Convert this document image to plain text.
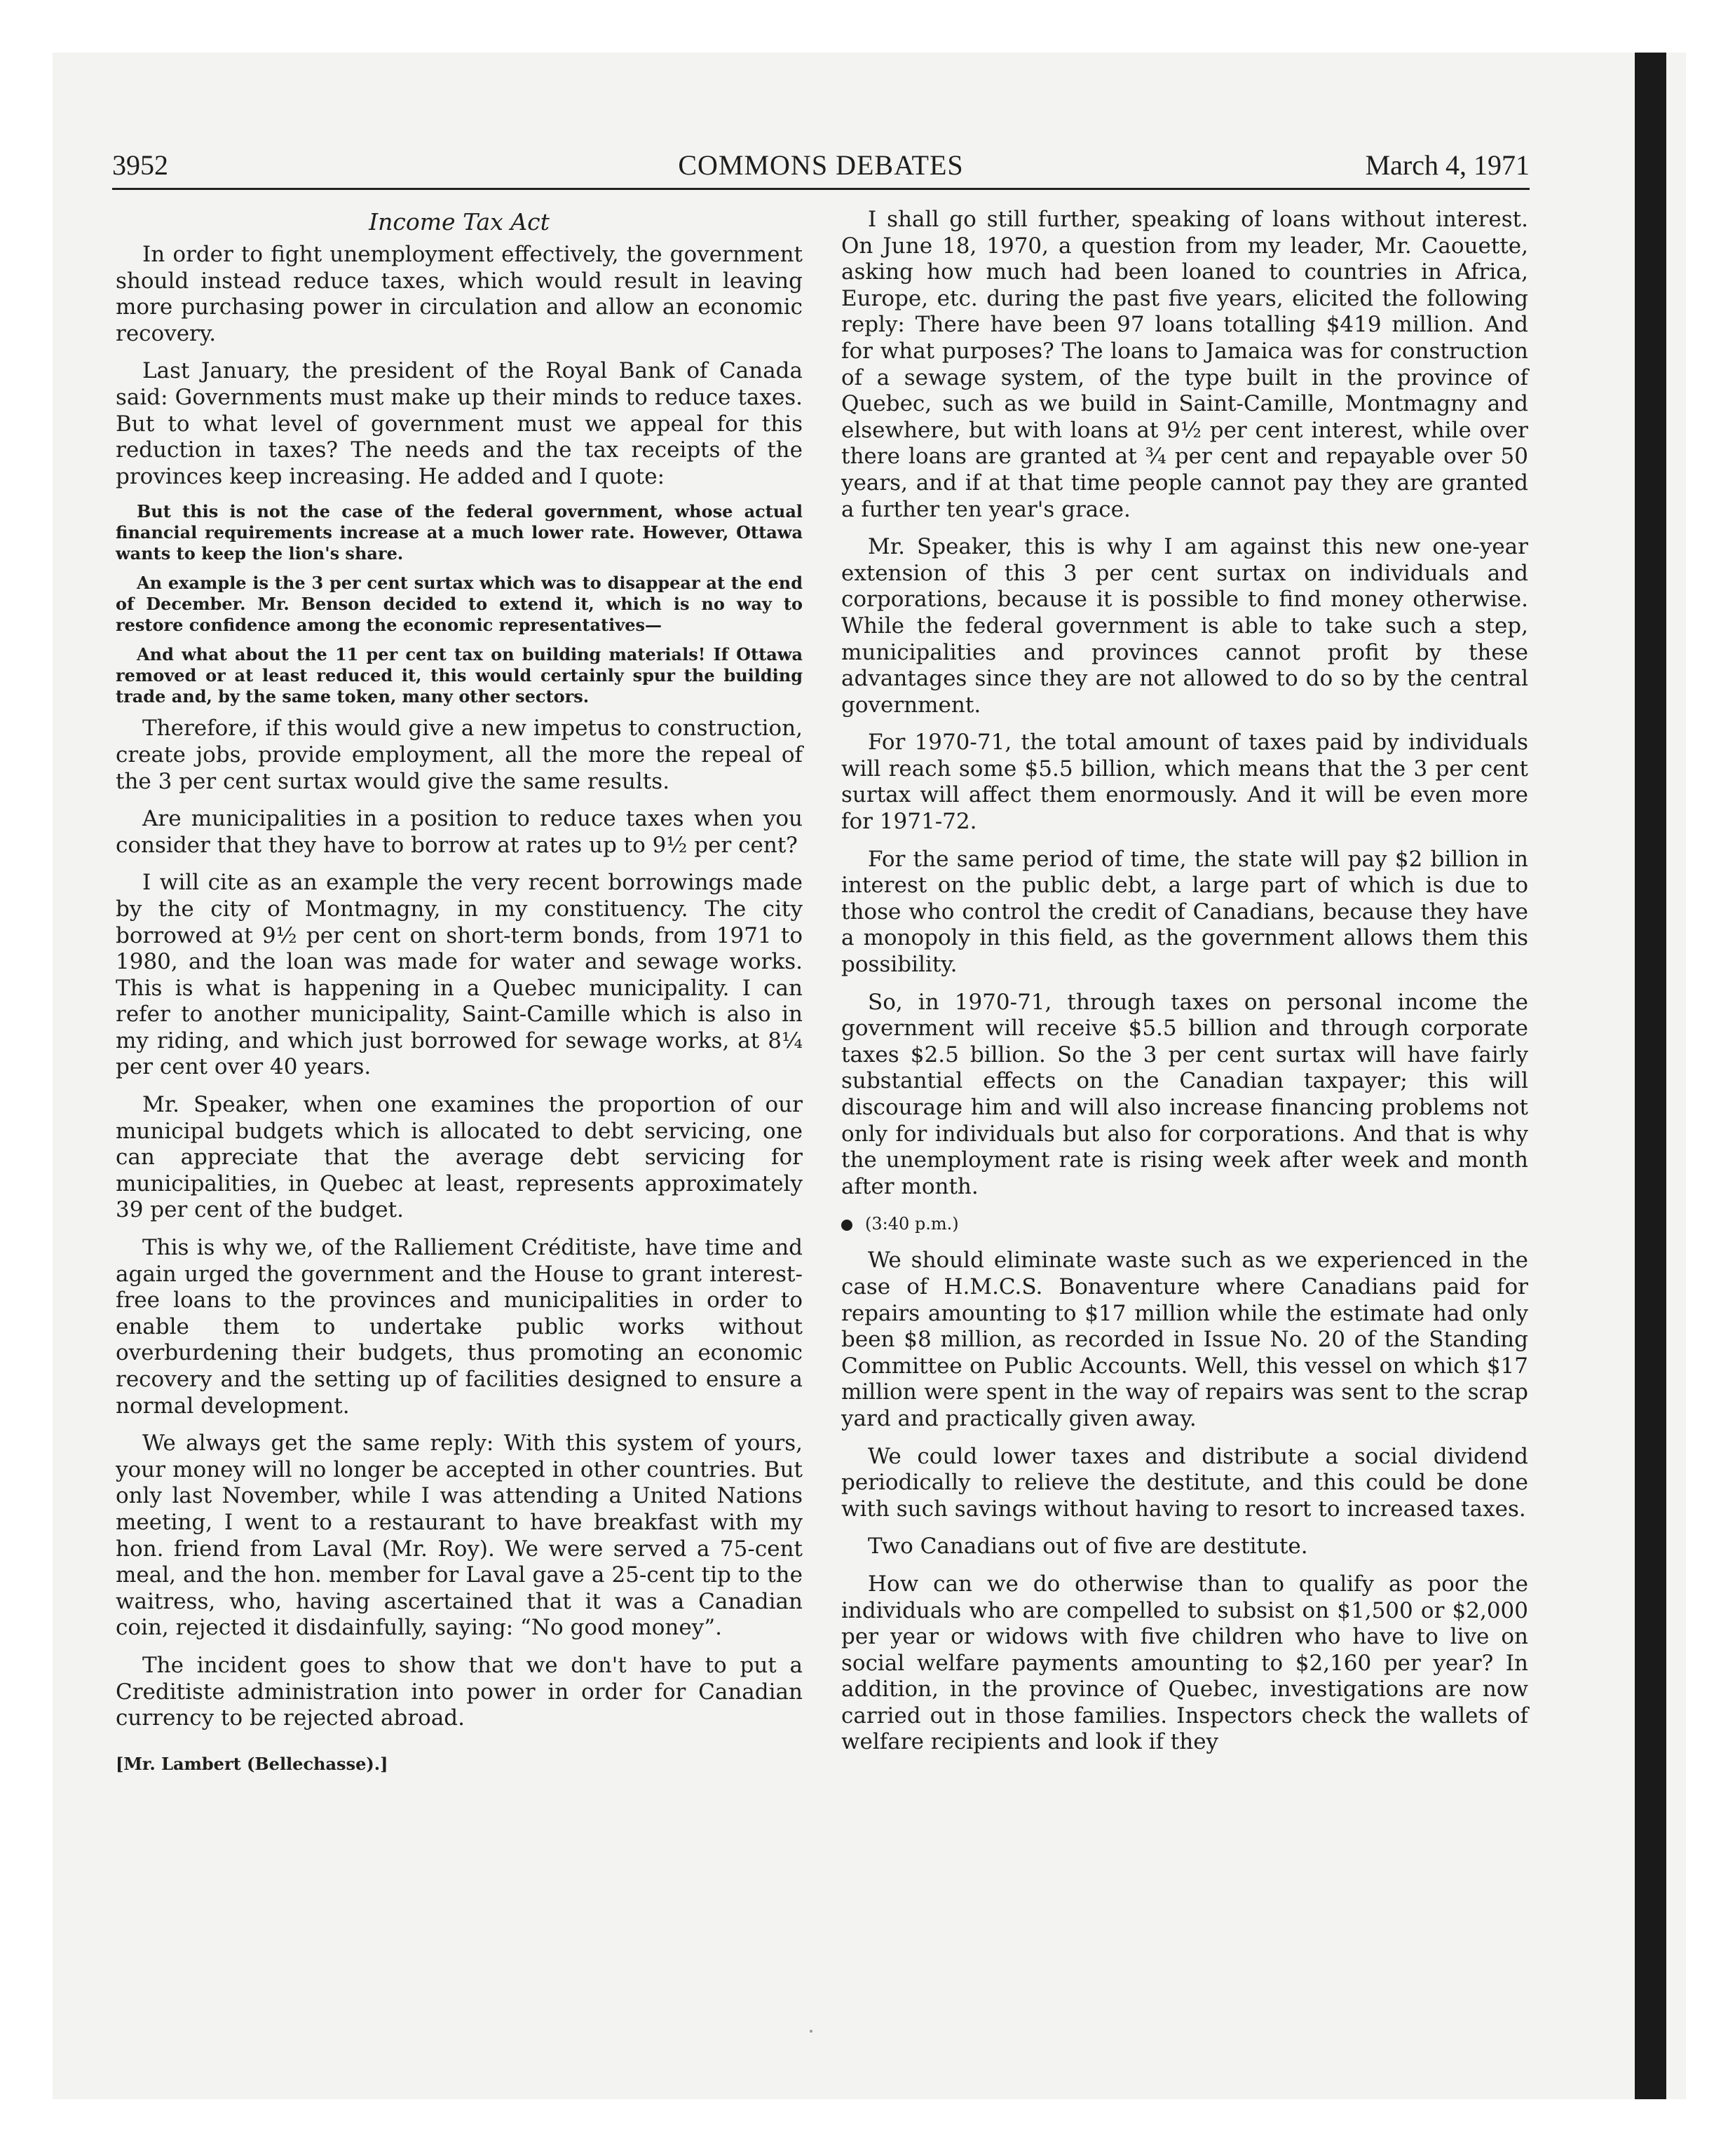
3952	COMMONS DEBATES	March 4, 1971
Income Tax Act

In order to fight unemployment effectively, the government should instead reduce taxes, which would result in leaving more purchasing power in circulation and allow an economic recovery.

Last January, the president of the Royal Bank of Canada said: Governments must make up their minds to reduce taxes. But to what level of government must we appeal for this reduction in taxes? The needs and the tax receipts of the provinces keep increasing. He added and I quote:

But this is not the case of the federal government, whose actual financial requirements increase at a much lower rate. However, Ottawa wants to keep the lion's share.

An example is the 3 per cent surtax which was to disappear at the end of December. Mr. Benson decided to extend it, which is no way to restore confidence among the economic representatives—

And what about the 11 per cent tax on building materials! If Ottawa removed or at least reduced it, this would certainly spur the building trade and, by the same token, many other sectors.

Therefore, if this would give a new impetus to construction, create jobs, provide employment, all the more the repeal of the 3 per cent surtax would give the same results.

Are municipalities in a position to reduce taxes when you consider that they have to borrow at rates up to 9½ per cent?

I will cite as an example the very recent borrowings made by the city of Montmagny, in my constituency. The city borrowed at 9½ per cent on short-term bonds, from 1971 to 1980, and the loan was made for water and sewage works. This is what is happening in a Quebec municipality. I can refer to another municipality, Saint-Camille which is also in my riding, and which just borrowed for sewage works, at 8¼ per cent over 40 years.

Mr. Speaker, when one examines the proportion of our municipal budgets which is allocated to debt servicing, one can appreciate that the average debt servicing for municipalities, in Quebec at least, represents approximately 39 per cent of the budget.

This is why we, of the Ralliement Créditiste, have time and again urged the government and the House to grant interest-free loans to the provinces and municipalities in order to enable them to undertake public works without overburdening their budgets, thus promoting an economic recovery and the setting up of facilities designed to ensure a normal development.

We always get the same reply: With this system of yours, your money will no longer be accepted in other countries. But only last November, while I was attending a United Nations meeting, I went to a restaurant to have breakfast with my hon. friend from Laval (Mr. Roy). We were served a 75-cent meal, and the hon. member for Laval gave a 25-cent tip to the waitress, who, having ascertained that it was a Canadian coin, rejected it disdainfully, saying: “No good money”.

The incident goes to show that we don't have to put a Creditiste administration into power in order for Canadian currency to be rejected abroad.

[Mr. Lambert (Bellechasse).]

I shall go still further, speaking of loans without interest. On June 18, 1970, a question from my leader, Mr. Caouette, asking how much had been loaned to countries in Africa, Europe, etc. during the past five years, elicited the following reply: There have been 97 loans totalling $419 million. And for what purposes? The loans to Jamaica was for construction of a sewage system, of the type built in the province of Quebec, such as we build in Saint-Camille, Montmagny and elsewhere, but with loans at 9½ per cent interest, while over there loans are granted at ¾ per cent and repayable over 50 years, and if at that time people cannot pay they are granted a further ten year's grace.

Mr. Speaker, this is why I am against this new one-year extension of this 3 per cent surtax on individuals and corporations, because it is possible to find money otherwise. While the federal government is able to take such a step, municipalities and provinces cannot profit by these advantages since they are not allowed to do so by the central government.

For 1970-71, the total amount of taxes paid by individuals will reach some $5.5 billion, which means that the 3 per cent surtax will affect them enormously. And it will be even more for 1971-72.

For the same period of time, the state will pay $2 billion in interest on the public debt, a large part of which is due to those who control the credit of Canadians, because they have a monopoly in this field, as the government allows them this possibility.

So, in 1970-71, through taxes on personal income the government will receive $5.5 billion and through corporate taxes $2.5 billion. So the 3 per cent surtax will have fairly substantial effects on the Canadian taxpayer; this will discourage him and will also increase financing problems not only for individuals but also for corporations. And that is why the unemployment rate is rising week after week and month after month.

(3:40 p.m.)

We should eliminate waste such as we experienced in the case of H.M.C.S. Bonaventure where Canadians paid for repairs amounting to $17 million while the estimate had only been $8 million, as recorded in Issue No. 20 of the Standing Committee on Public Accounts. Well, this vessel on which $17 million were spent in the way of repairs was sent to the scrap yard and practically given away.

We could lower taxes and distribute a social dividend periodically to relieve the destitute, and this could be done with such savings without having to resort to increased taxes.

Two Canadians out of five are destitute.

How can we do otherwise than to qualify as poor the individuals who are compelled to subsist on $1,500 or $2,000 per year or widows with five children who have to live on social welfare payments amounting to $2,160 per year? In addition, in the province of Quebec, investigations are now carried out in those families. Inspectors check the wallets of welfare recipients and look if they
